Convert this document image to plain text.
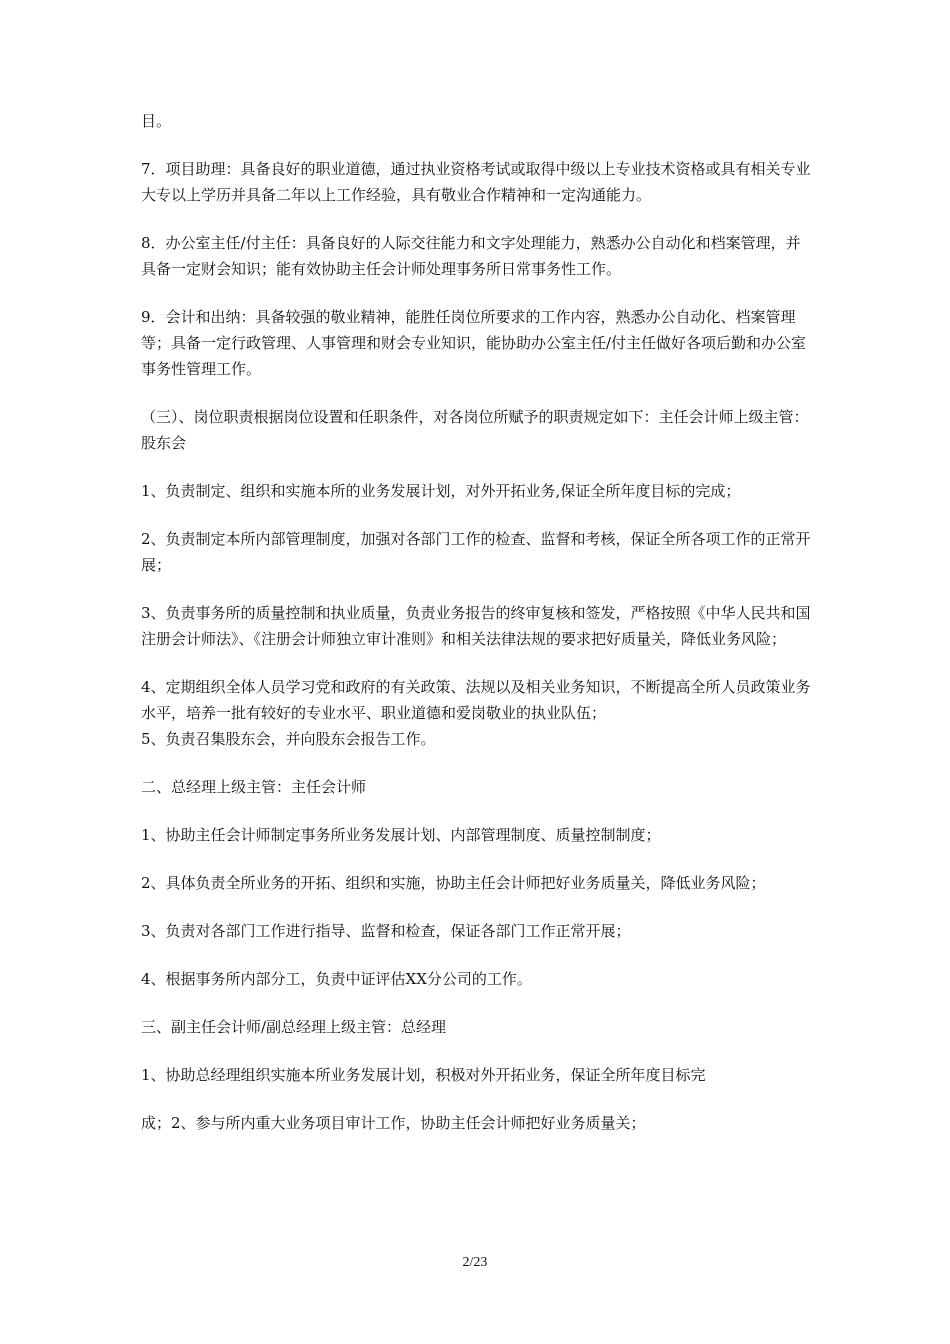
目。

7．项目助理：具备良好的职业道德，通过执业资格考试或取得中级以上专业技术资格或具有相关专业大专以上学历并具备二年以上工作经验，具有敬业合作精神和一定沟通能力。

8．办公室主任/付主任：具备良好的人际交往能力和文字处理能力，熟悉办公自动化和档案管理，并具备一定财会知识；能有效协助主任会计师处理事务所日常事务性工作。

9．会计和出纳：具备较强的敬业精神，能胜任岗位所要求的工作内容，熟悉办公自动化、档案管理等；具备一定行政管理、人事管理和财会专业知识，能协助办公室主任/付主任做好各项后勤和办公室事务性管理工作。

（三）、岗位职责根据岗位设置和任职条件，对各岗位所赋予的职责规定如下：主任会计师上级主管：股东会

1、负责制定、组织和实施本所的业务发展计划，对外开拓业务,保证全所年度目标的完成；

2、负责制定本所内部管理制度，加强对各部门工作的检查、监督和考核，保证全所各项工作的正常开展；

3、负责事务所的质量控制和执业质量，负责业务报告的终审复核和签发，严格按照《中华人民共和国注册会计师法》、《注册会计师独立审计准则》和相关法律法规的要求把好质量关，降低业务风险；

4、定期组织全体人员学习党和政府的有关政策、法规以及相关业务知识，不断提高全所人员政策业务水平，培养一批有较好的专业水平、职业道德和爱岗敬业的执业队伍；

5、负责召集股东会，并向股东会报告工作。

二、总经理上级主管：主任会计师

1、协助主任会计师制定事务所业务发展计划、内部管理制度、质量控制制度；

2、具体负责全所业务的开拓、组织和实施，协助主任会计师把好业务质量关，降低业务风险；

3、负责对各部门工作进行指导、监督和检查，保证各部门工作正常开展；

4、根据事务所内部分工，负责中证评估XX分公司的工作。

三、副主任会计师/副总经理上级主管：总经理

1、协助总经理组织实施本所业务发展计划，积极对外开拓业务，保证全所年度目标完

成；2、参与所内重大业务项目审计工作，协助主任会计师把好业务质量关；

2/23
